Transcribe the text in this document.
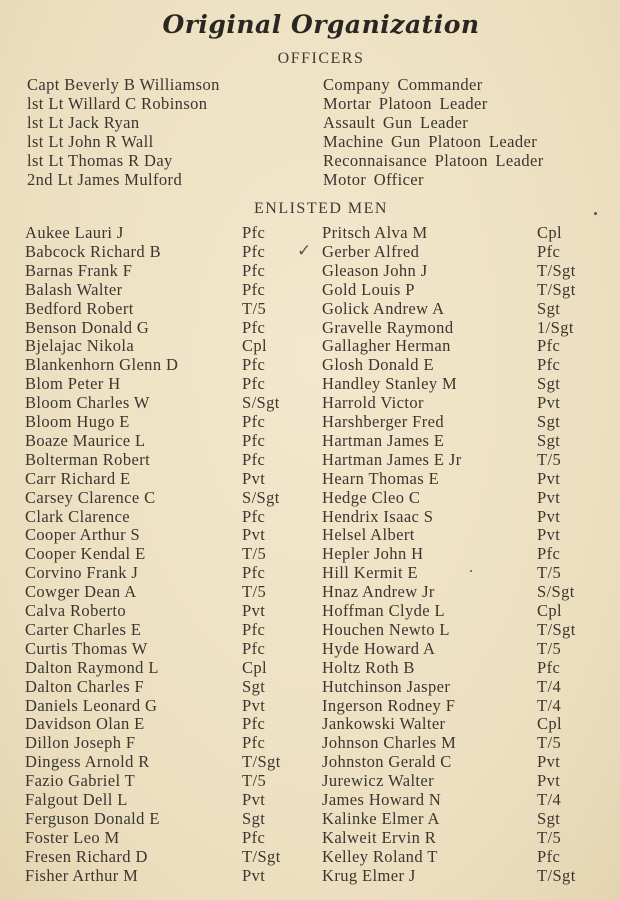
Original Organization
OFFICERS
Capt Beverly B Williamson	Company Commander
lst Lt Willard C Robinson	Mortar Platoon Leader
lst Lt Jack Ryan	Assault Gun Leader
lst Lt John R Wall	Machine Gun Platoon Leader
lst Lt Thomas R Day	Reconnaisance Platoon Leader
2nd Lt James Mulford	Motor Officer
ENLISTED MEN
Aukee Lauri J	Pfc	Pritsch Alva M	Cpl
Babcock Richard B	Pfc	Gerber Alfred	Pfc
✓
Barnas Frank F	Pfc	Gleason John J	T/Sgt
Balash Walter	Pfc	Gold Louis P	T/Sgt
Bedford Robert	T/5	Golick Andrew A	Sgt
Benson Donald G	Pfc	Gravelle Raymond	1/Sgt
Bjelajac Nikola	Cpl	Gallagher Herman	Pfc
Blankenhorn Glenn D	Pfc	Glosh Donald E	Pfc
Blom Peter H	Pfc	Handley Stanley M	Sgt
Bloom Charles W	S/Sgt	Harrold Victor	Pvt
Bloom Hugo E	Pfc	Harshberger Fred	Sgt
Boaze Maurice L	Pfc	Hartman James E	Sgt
Bolterman Robert	Pfc	Hartman James E Jr	T/5
Carr Richard E	Pvt	Hearn Thomas E	Pvt
Carsey Clarence C	S/Sgt	Hedge Cleo C	Pvt
Clark Clarence	Pfc	Hendrix Isaac S	Pvt
Cooper Arthur S	Pvt	Helsel Albert	Pvt
Cooper Kendal E	T/5	Hepler John H	Pfc
Corvino Frank J	Pfc	Hill Kermit E	T/5
Cowger Dean A	T/5	Hnaz Andrew Jr	S/Sgt
Calva Roberto	Pvt	Hoffman Clyde L	Cpl
Carter Charles E	Pfc	Houchen Newto L	T/Sgt
Curtis Thomas W	Pfc	Hyde Howard A	T/5
Dalton Raymond L	Cpl	Holtz Roth B	Pfc
Dalton Charles F	Sgt	Hutchinson Jasper	T/4
Daniels Leonard G	Pvt	Ingerson Rodney F	T/4
Davidson Olan E	Pfc	Jankowski Walter	Cpl
Dillon Joseph F	Pfc	Johnson Charles M	T/5
Dingess Arnold R	T/Sgt	Johnston Gerald C	Pvt
Fazio Gabriel T	T/5	Jurewicz Walter	Pvt
Falgout Dell L	Pvt	James Howard N	T/4
Ferguson Donald E	Sgt	Kalinke Elmer A	Sgt
Foster Leo M	Pfc	Kalweit Ervin R	T/5
Fresen Richard D	T/Sgt	Kelley Roland T	Pfc
Fisher Arthur M	Pvt	Krug Elmer J	T/Sgt
